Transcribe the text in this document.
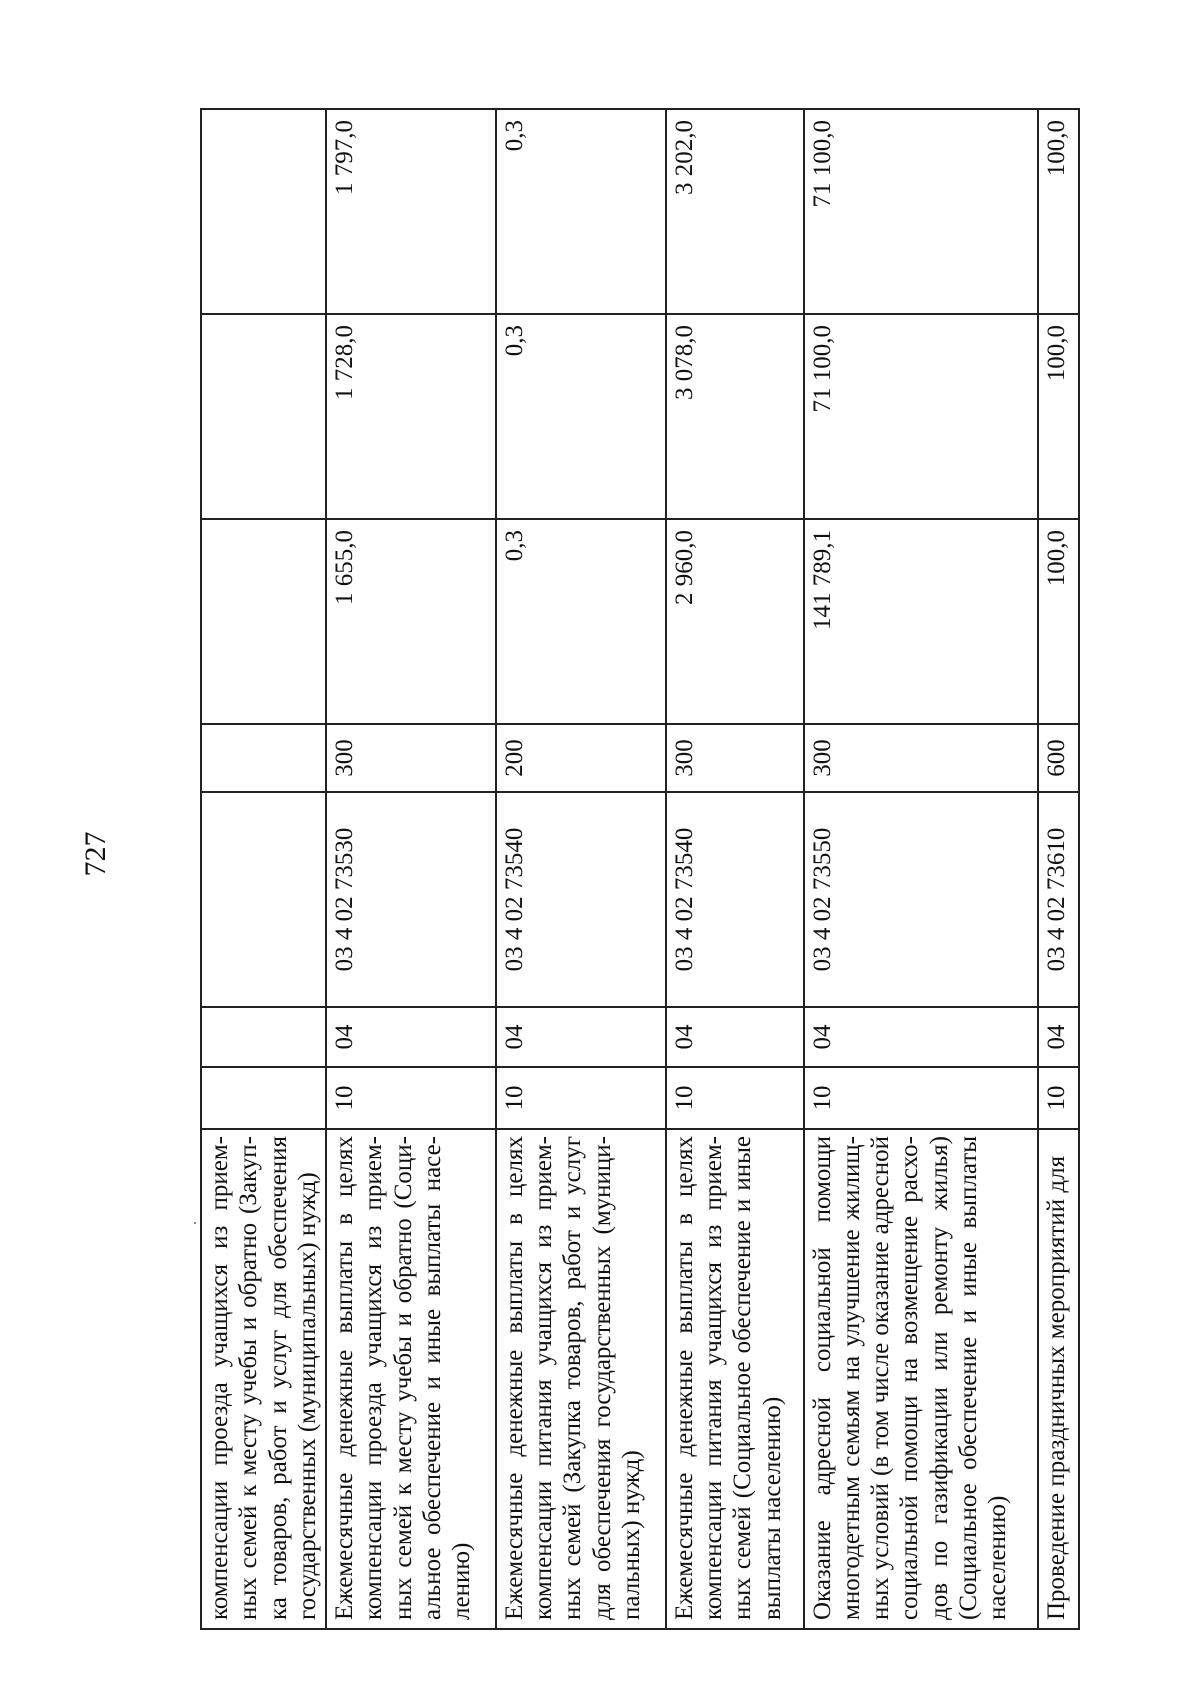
727
компенсации проезда учащихся из прием-ных семей к месту учебы и обратно (Закуп-ка товаров, работ и услуг для обеспечения государственных (муниципальных) нужд)							
Ежемесячные денежные выплаты в целях компенсации проезда учащихся из прием-ных семей к месту учебы и обратно (Соци-альное обеспечение и иные выплаты насе-лению)	10	04	03 4 02 73530	300	1 655,0	1 728,0	1 797,0
Ежемесячные денежные выплаты в целях компенсации питания учащихся из прием-ных семей (Закупка товаров, работ и услуг для обеспечения государственных (муници-пальных) нужд)	10	04	03 4 02 73540	200	0,3	0,3	0,3
Ежемесячные денежные выплаты в целях компенсации питания учащихся из прием-ных семей (Социальное обеспечение и иные выплаты населению)	10	04	03 4 02 73540	300	2 960,0	3 078,0	3 202,0
Оказание адресной социальной помощи многодетным семьям на улучшение жилищ-ных условий (в том числе оказание адресной социальной помощи на возмещение расхо-дов по газификации или ремонту жилья) (Социальное обеспечение и иные выплаты населению)	10	04	03 4 02 73550	300	141 789,1	71 100,0	71 100,0
Проведение праздничных мероприятий для	10	04	03 4 02 73610	600	100,0	100,0	100,0
